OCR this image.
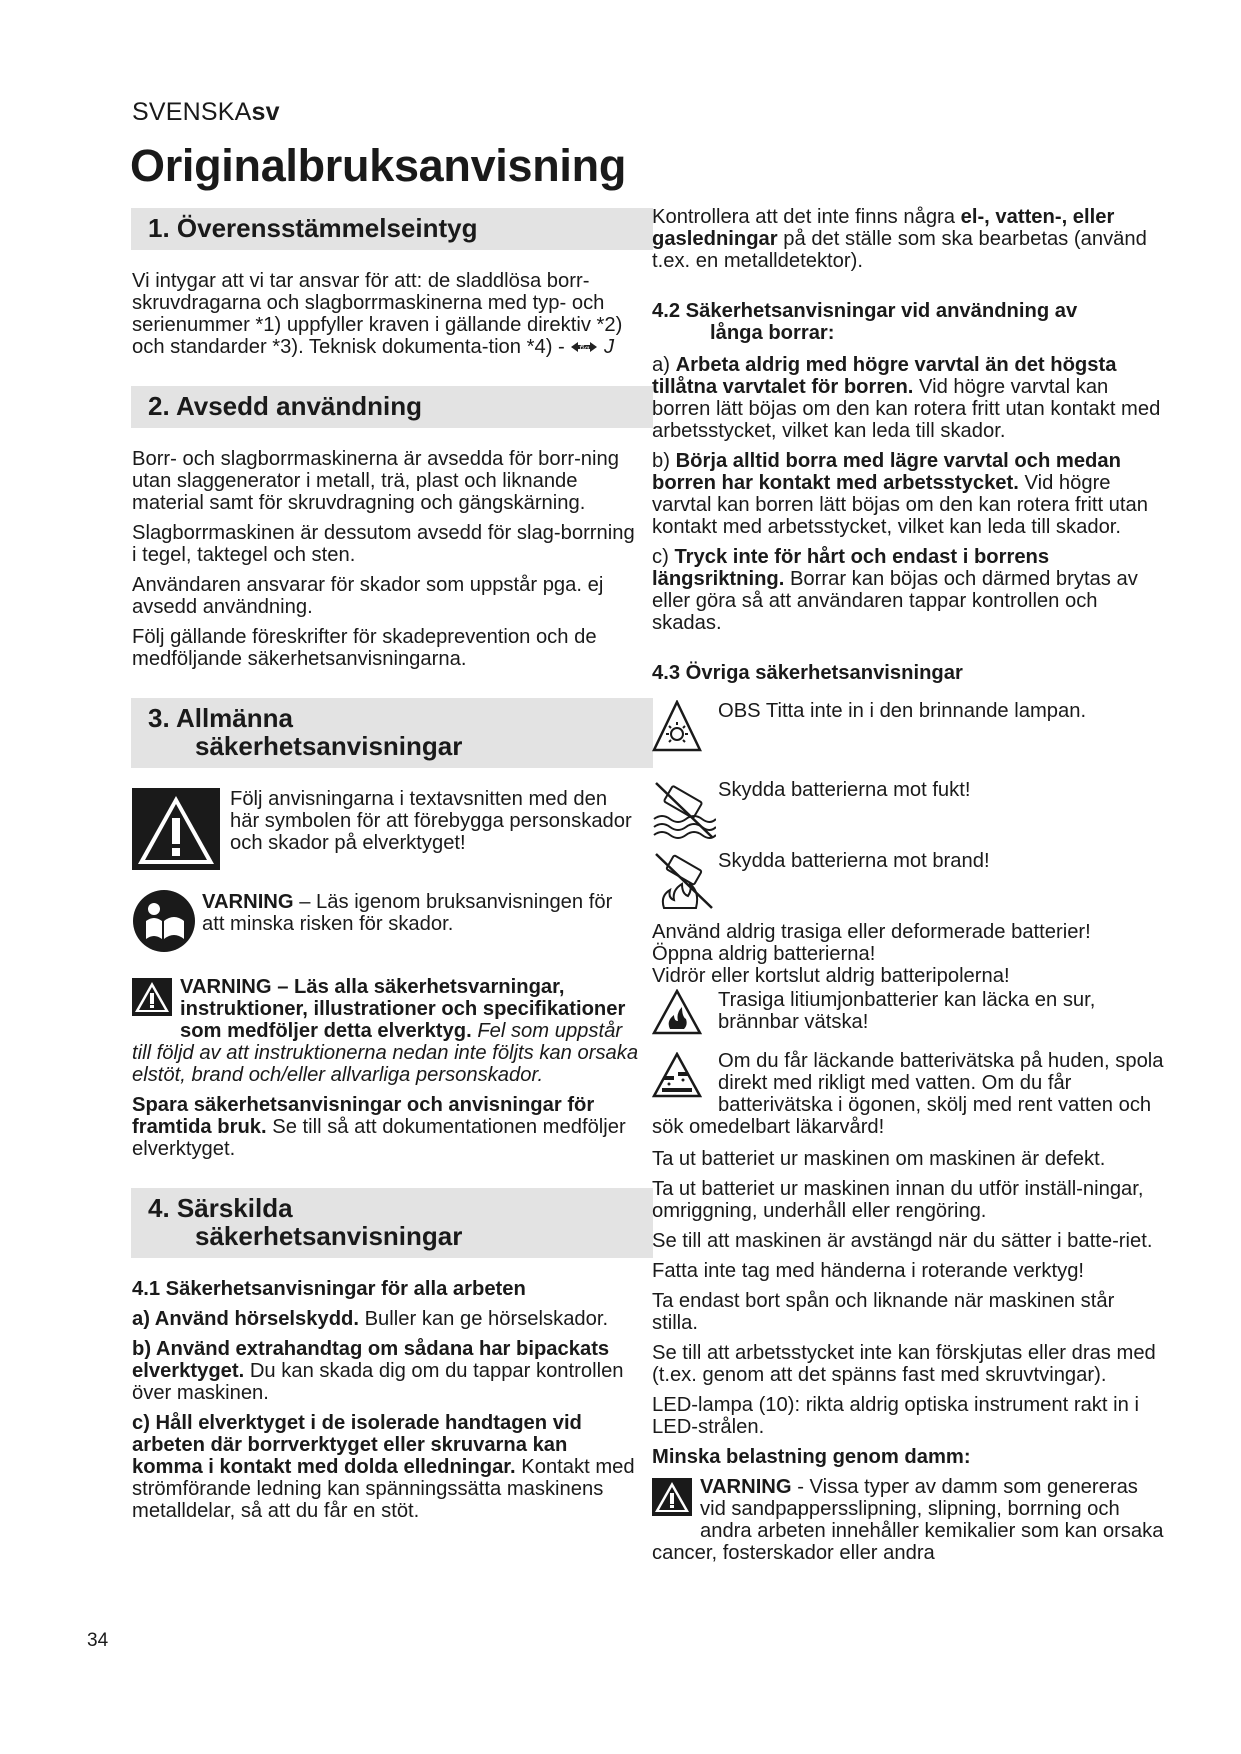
SVENSKAsv
Originalbruksanvisning
1. Överensstämmelseintyg

Vi intygar att vi tar ansvar för att: de sladdlösa borr-skruvdragarna och slagborrmaskinerna med typ- och serienummer *1) uppfyller kraven i gällande direktiv *2) och standarder *3). Teknisk dokumenta-tion *4) - fig J

2. Avsedd användning

Borr- och slagborrmaskinerna är avsedda för borr-ning utan slaggenerator i metall, trä, plast och liknande material samt för skruvdragning och gängskärning.

Slagborrmaskinen är dessutom avsedd för slag-borrning i tegel, taktegel och sten.

Användaren ansvarar för skador som uppstår pga. ej avsedd användning.

Följ gällande föreskrifter för skadeprevention och de medföljande säkerhetsanvisningarna.

3. Allmänna
säkerhetsanvisningar
Följ anvisningarna i textavsnitten med den här symbolen för att förebygga personskador och skador på elverktyget!
VARNING – Läs igenom bruksanvisningen för att minska risken för skador.

VARNING – Läs alla säkerhetsvarningar, instruktioner, illustrationer och specifikationer som medföljer detta elverktyg. Fel som uppstår till följd av att instruktionerna nedan inte följts kan orsaka elstöt, brand och/eller allvarliga personskador.

Spara säkerhetsanvisningar och anvisningar för framtida bruk. Se till så att dokumentationen medföljer elverktyget.

4. Särskilda
säkerhetsanvisningar

4.1 Säkerhetsanvisningar för alla arbeten

a) Använd hörselskydd. Buller kan ge hörselskador.

b) Använd extrahandtag om sådana har bipackats elverktyget. Du kan skada dig om du tappar kontrollen över maskinen.

c) Håll elverktyget i de isolerade handtagen vid arbeten där borrverktyget eller skruvarna kan komma i kontakt med dolda elledningar. Kontakt med strömförande ledning kan spänningssätta maskinens metalldelar, så att du får en stöt.

Kontrollera att det inte finns några el-, vatten-, eller gasledningar på det ställe som ska bearbetas (använd t.ex. en metalldetektor).

4.2 Säkerhetsanvisningar vid användning av
långa borrar:

a) Arbeta aldrig med högre varvtal än det högsta tillåtna varvtalet för borren. Vid högre varvtal kan borren lätt böjas om den kan rotera fritt utan kontakt med arbetsstycket, vilket kan leda till skador.

b) Börja alltid borra med lägre varvtal och medan borren har kontakt med arbetsstycket. Vid högre varvtal kan borren lätt böjas om den kan rotera fritt utan kontakt med arbetsstycket, vilket kan leda till skador.

c) Tryck inte för hårt och endast i borrens längsriktning. Borrar kan böjas och därmed brytas av eller göra så att användaren tappar kontrollen och skadas.

4.3 Övriga säkerhetsanvisningar

OBS Titta inte in i den brinnande lampan.
Skydda batterierna mot fukt!
Skydda batterierna mot brand!

Använd aldrig trasiga eller deformerade batterier!

Öppna aldrig batterierna!

Vidrör eller kortslut aldrig batteripolerna!

Trasiga litiumjonbatterier kan läcka en sur, brännbar vätska!

Om du får läckande batterivätska på huden, spola direkt med rikligt med vatten. Om du får batterivätska i ögonen, skölj med rent vatten och sök omedelbart läkarvård!

Ta ut batteriet ur maskinen om maskinen är defekt.

Ta ut batteriet ur maskinen innan du utför inställ-ningar, omriggning, underhåll eller rengöring.

Se till att maskinen är avstängd när du sätter i batte-riet.

Fatta inte tag med händerna i roterande verktyg!

Ta endast bort spån och liknande när maskinen står stilla.

Se till att arbetsstycket inte kan förskjutas eller dras med (t.ex. genom att det spänns fast med skruvtvingar).

LED-lampa (10): rikta aldrig optiska instrument rakt in i LED-strålen.

Minska belastning genom damm:

VARNING - Vissa typer av damm som genereras vid sandpappersslipning, slipning, borrning och andra arbeten innehåller kemikalier som kan orsaka cancer, fosterskador eller andra

34
